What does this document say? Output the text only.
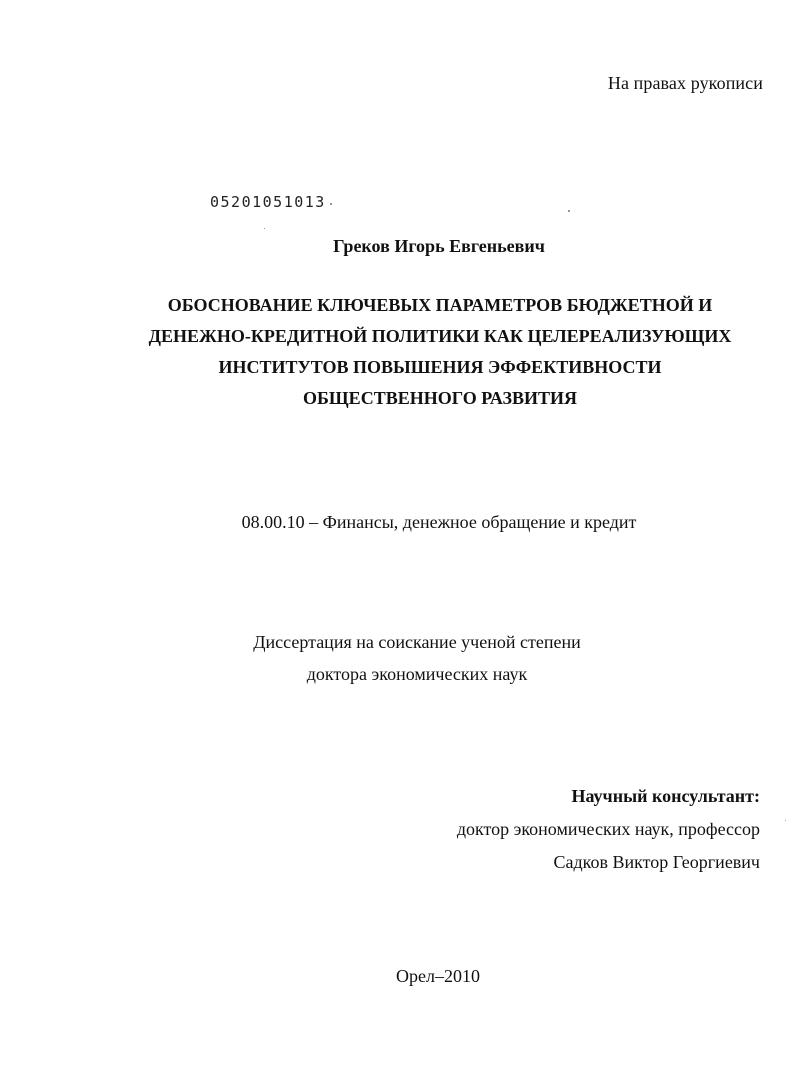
На правах рукописи
05201051013
Греков Игорь Евгеньевич
ОБОСНОВАНИЕ КЛЮЧЕВЫХ ПАРАМЕТРОВ БЮДЖЕТНОЙ И
ДЕНЕЖНО-КРЕДИТНОЙ ПОЛИТИКИ КАК ЦЕЛЕРЕАЛИЗУЮЩИХ
ИНСТИТУТОВ ПОВЫШЕНИЯ ЭФФЕКТИВНОСТИ
ОБЩЕСТВЕННОГО РАЗВИТИЯ
08.00.10 – Финансы, денежное обращение и кредит
Диссертация на соискание ученой степени
доктора экономических наук
Научный консультант:
доктор экономических наук, профессор
Садков Виктор Георгиевич
Орел–2010
